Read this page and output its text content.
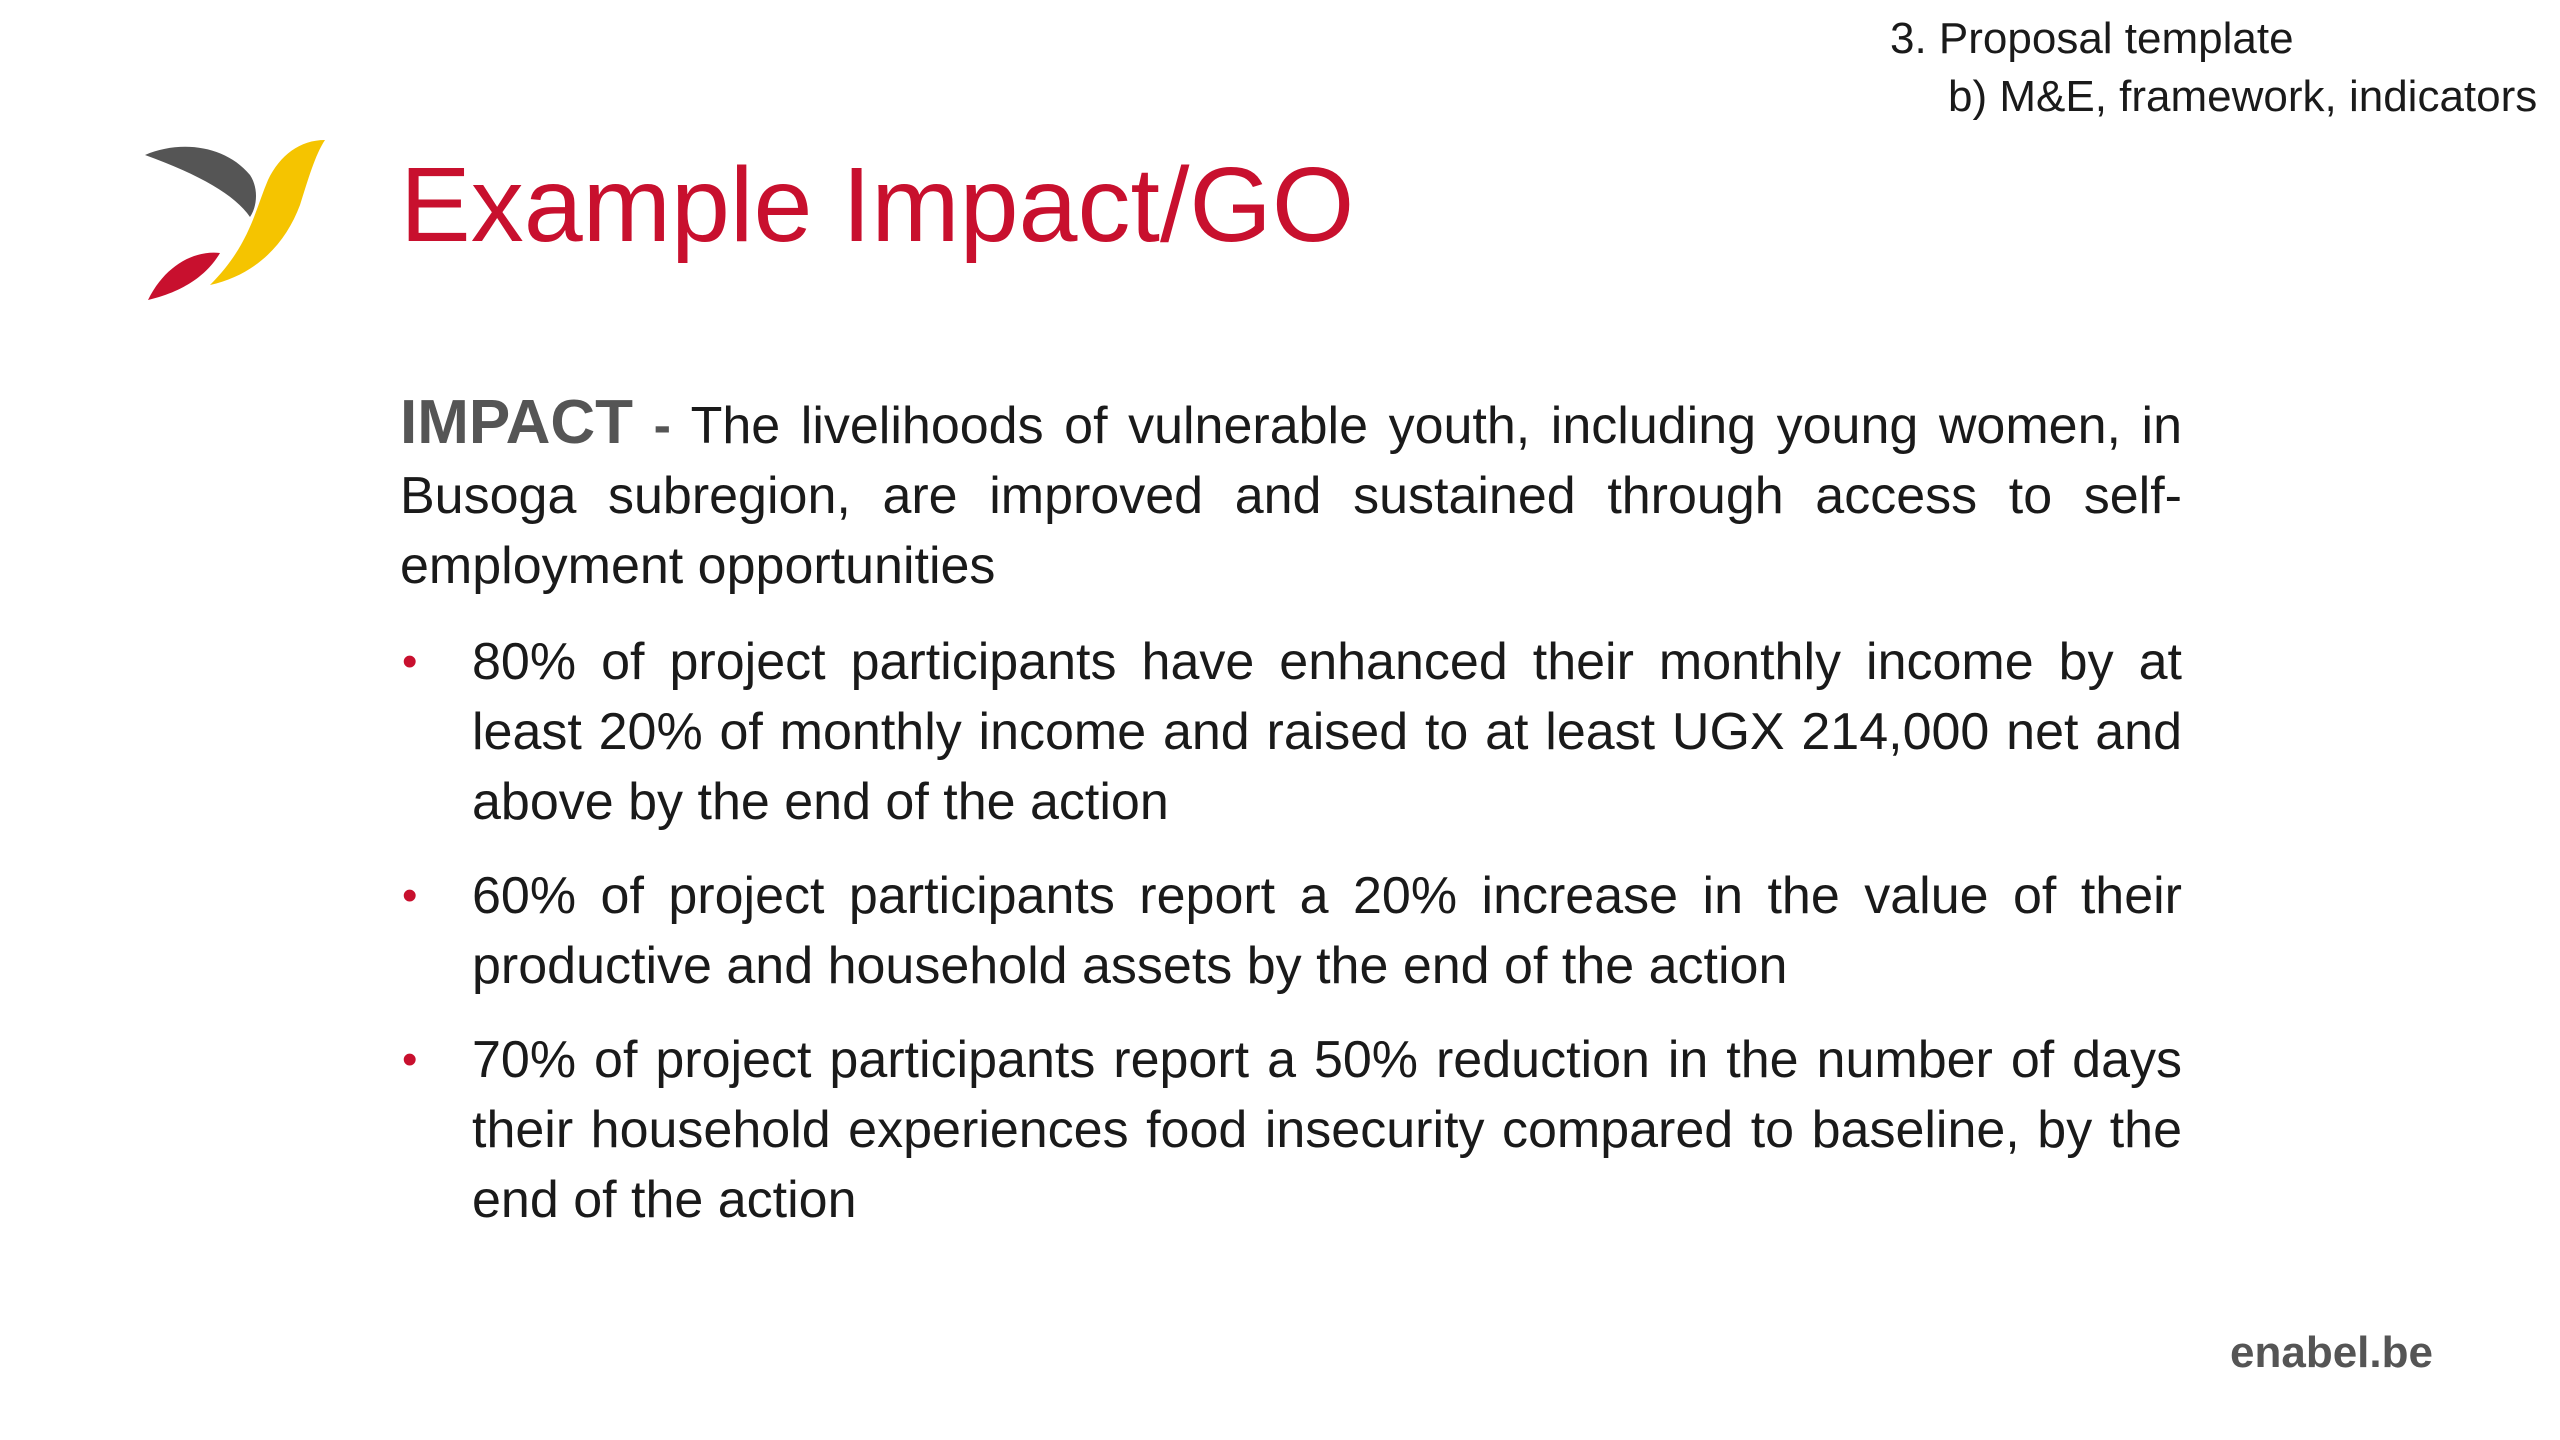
3. Proposal template
b) M&E, framework, indicators
Example Impact/GO

IMPACT - The livelihoods of vulnerable youth, including young women, in Busoga subregion, are improved and sustained through access to self-employment opportunities

• 80% of project participants have enhanced their monthly income by at least 20% of monthly income and raised to at least UGX 214,000 net and above by the end of the action
• 60% of project participants report a 20% increase in the value of their productive and household assets by the end of the action
• 70% of project participants report a 50% reduction in the number of days their household experiences food insecurity compared to baseline, by the end of the action
enabel.be
